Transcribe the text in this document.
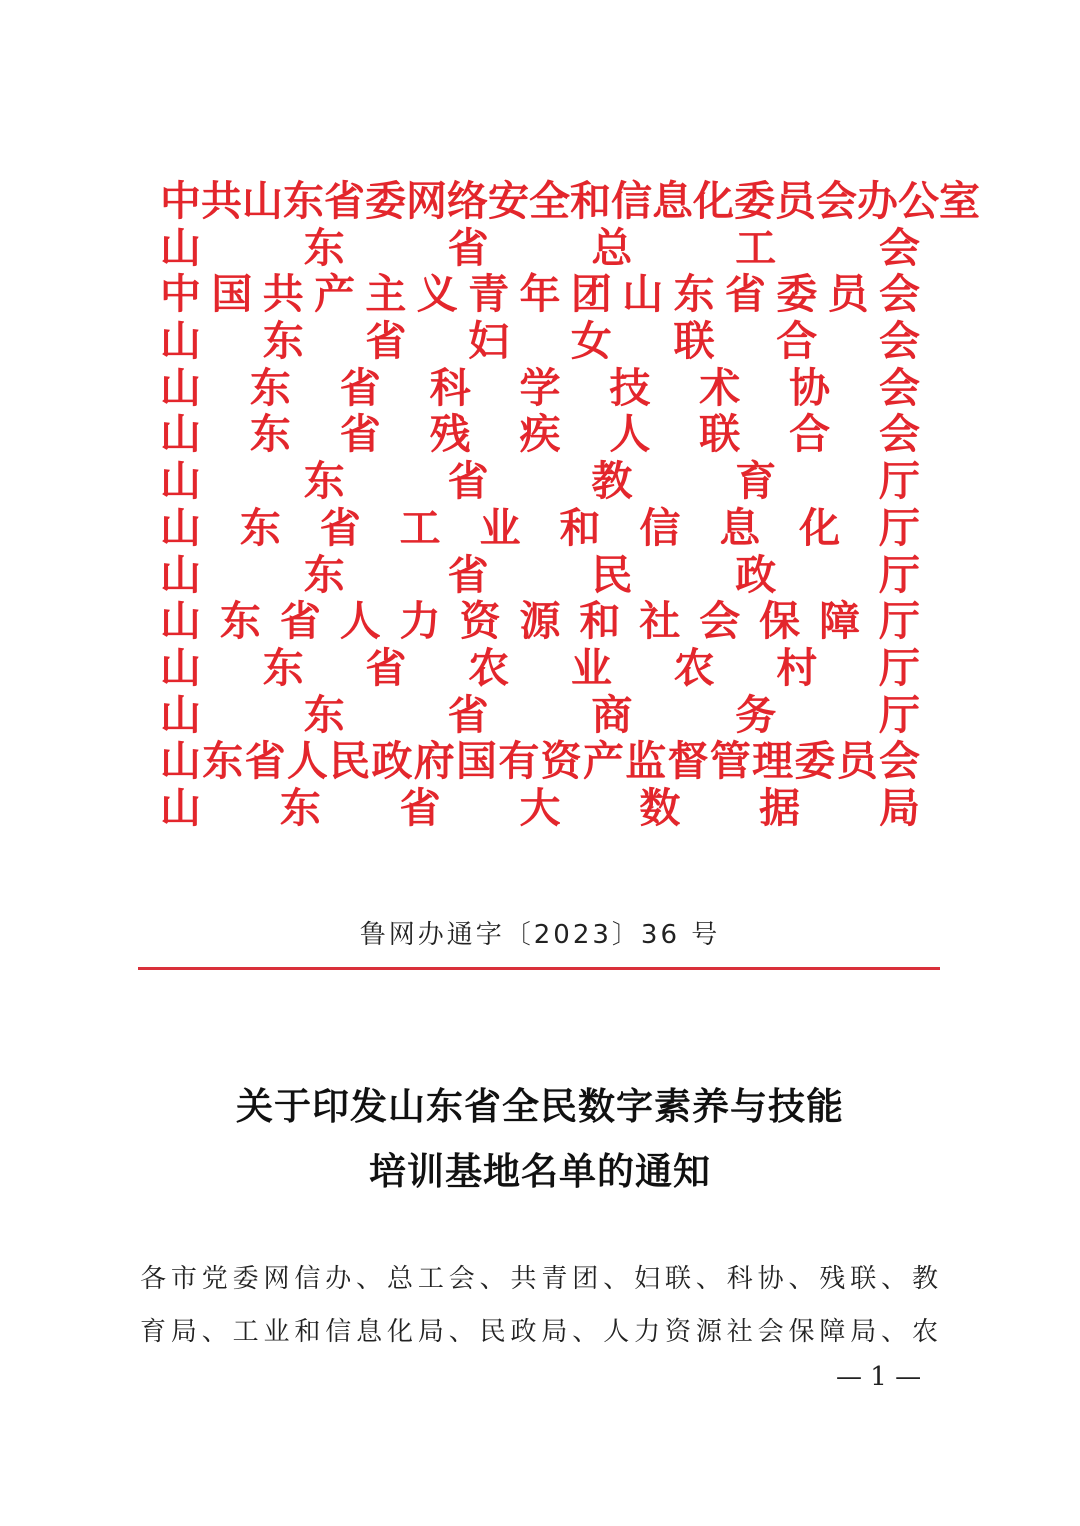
中共山东省委网络安全和信息化委员会办公室
山东省总工会
中国共产主义青年团山东省委员会
山东省妇女联合会
山东省科学技术协会
山东省残疾人联合会
山东省教育厅
山东省工业和信息化厅
山东省民政厅
山东省人力资源和社会保障厅
山东省农业农村厅
山东省商务厅
山东省人民政府国有资产监督管理委员会
山东省大数据局
鲁网办通字〔2023〕36 号
关于印发山东省全民数字素养与技能
培训基地名单的通知
各市党委网信办、总工会、共青团、妇联、科协、残联、教
育局、工业和信息化局、民政局、人力资源社会保障局、农
— 1 —
